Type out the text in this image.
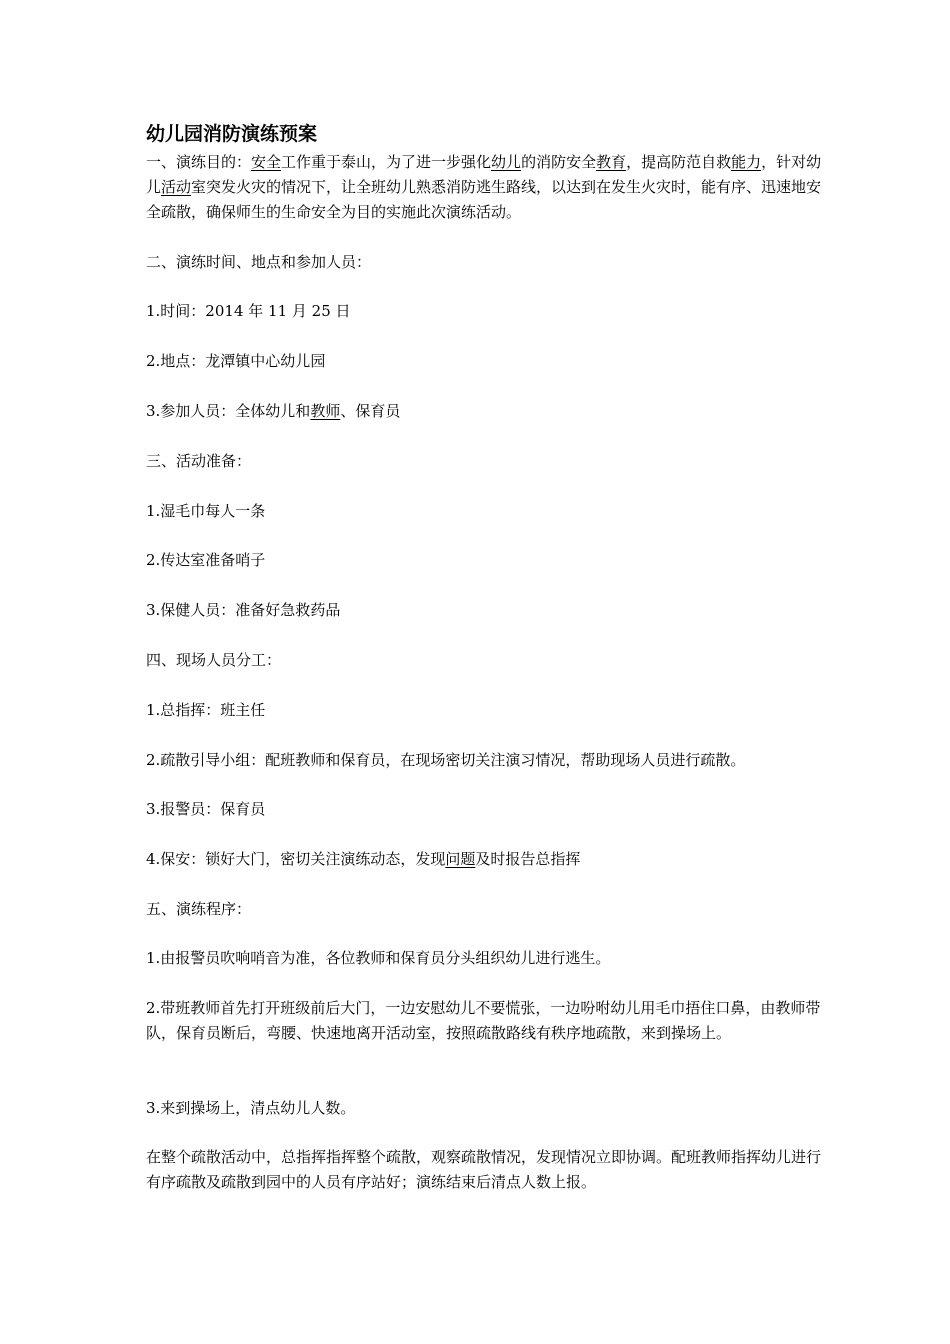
幼儿园消防演练预案

一、演练目的：安全工作重于泰山，为了进一步强化幼儿的消防安全教育，提高防范自救能力，针对幼儿活动室突发火灾的情况下，让全班幼儿熟悉消防逃生路线，以达到在发生火灾时，能有序、迅速地安全疏散，确保师生的生命安全为目的实施此次演练活动。

二、演练时间、地点和参加人员：

1.时间：2014 年 11 月 25 日

2.地点：龙潭镇中心幼儿园

3.参加人员：全体幼儿和教师、保育员

三、活动准备：

1.湿毛巾每人一条

2.传达室准备哨子

3.保健人员：准备好急救药品

四、现场人员分工：

1.总指挥：班主任

2.疏散引导小组：配班教师和保育员，在现场密切关注演习情况，帮助现场人员进行疏散。

3.报警员：保育员

4.保安：锁好大门，密切关注演练动态，发现问题及时报告总指挥

五、演练程序：

1.由报警员吹响哨音为准，各位教师和保育员分头组织幼儿进行逃生。

2.带班教师首先打开班级前后大门，一边安慰幼儿不要慌张，一边吩咐幼儿用毛巾捂住口鼻，由教师带队，保育员断后，弯腰、快速地离开活动室，按照疏散路线有秩序地疏散，来到操场上。

3.来到操场上，清点幼儿人数。

在整个疏散活动中，总指挥指挥整个疏散，观察疏散情况，发现情况立即协调。配班教师指挥幼儿进行有序疏散及疏散到园中的人员有序站好；演练结束后清点人数上报。
